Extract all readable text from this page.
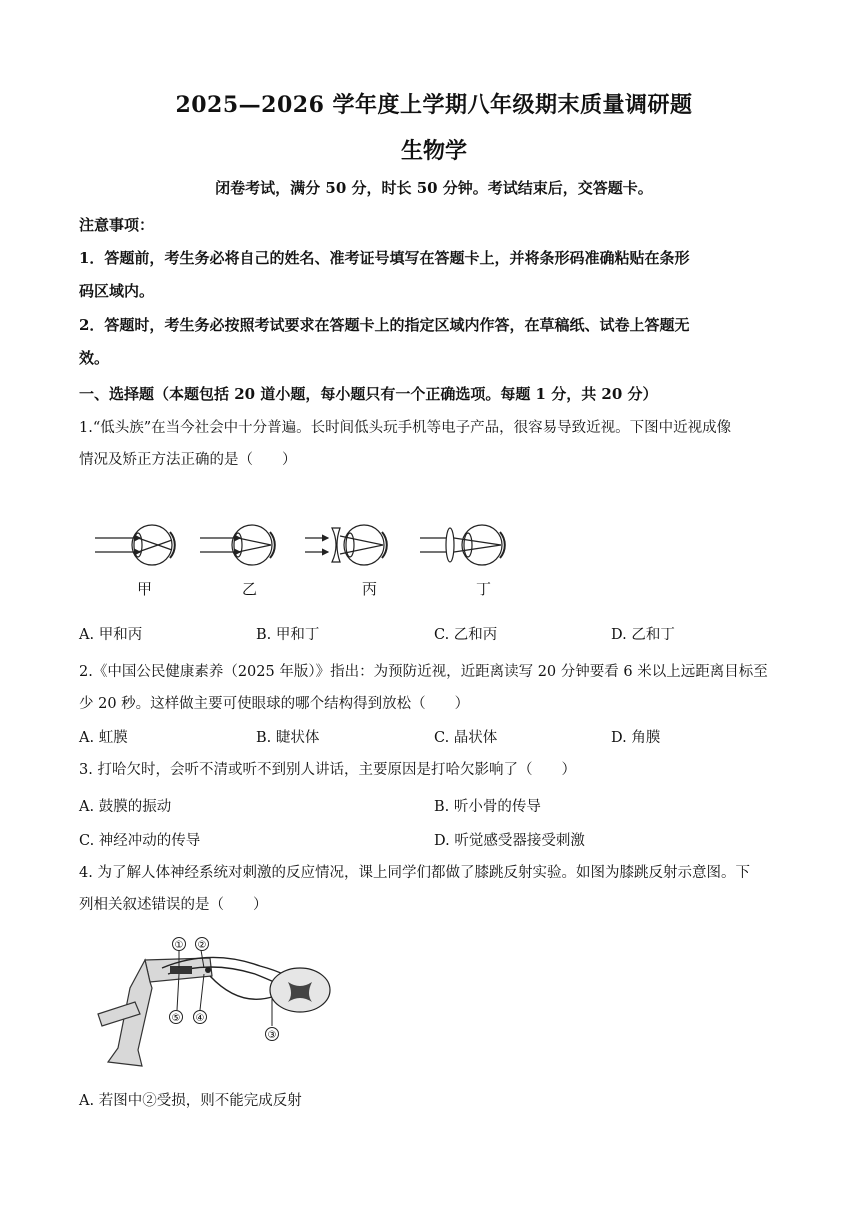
2025—2026 学年度上学期八年级期末质量调研题
生物学
闭卷考试，满分 50 分，时长 50 分钟。考试结束后，交答题卡。
注意事项：
1．答题前，考生务必将自己的姓名、准考证号填写在答题卡上，并将条形码准确粘贴在条形
码区域内。
2．答题时，考生务必按照考试要求在答题卡上的指定区域内作答，在草稿纸、试卷上答题无
效。
一、选择题（本题包括 20 道小题，每小题只有一个正确选项。每题 1 分，共 20 分）
1.“低头族”在当今社会中十分普遍。长时间低头玩手机等电子产品，很容易导致近视。下图中近视成像
情况及矫正方法正确的是（　　）
甲	乙	丙	丁
A. 甲和丙	B. 甲和丁	C. 乙和丙	D. 乙和丁
2.《中国公民健康素养（2025 年版）》指出：为预防近视，近距离读写 20 分钟要看 6 米以上远距离目标至
少 20 秒。这样做主要可使眼球的哪个结构得到放松（　　）
A. 虹膜	B. 睫状体	C. 晶状体	D. 角膜
3. 打哈欠时，会听不清或听不到别人讲话，主要原因是打哈欠影响了（　　）
A. 鼓膜的振动	B. 听小骨的传导
C. 神经冲动的传导	D. 听觉感受器接受刺激
4. 为了解人体神经系统对刺激的反应情况，课上同学们都做了膝跳反射实验。如图为膝跳反射示意图。下
列相关叙述错误的是（　　）
① ②
③
④
⑤
A. 若图中②受损，则不能完成反射
